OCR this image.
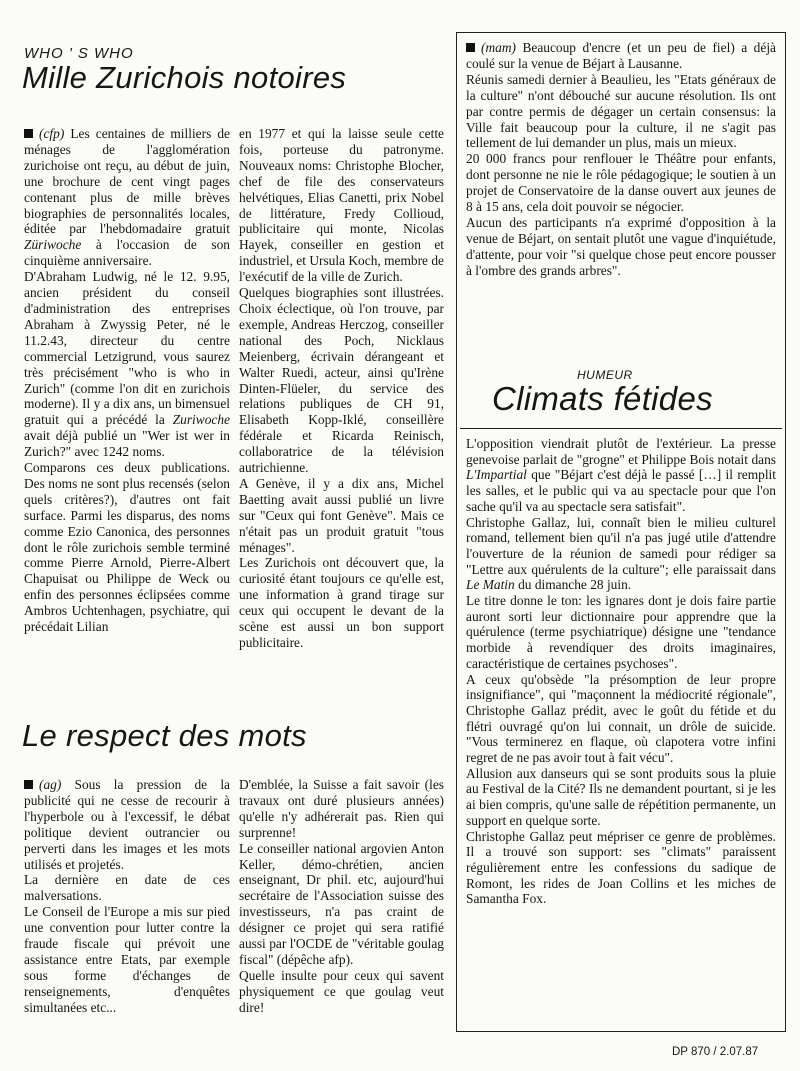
WHO ' S WHO
Mille Zurichois notoires

(cfp) Les centaines de milliers de ménages de l'agglomération zurichoise ont reçu, au début de juin, une brochure de cent vingt pages contenant plus de mille brèves biographies de personnalités locales, éditée par l'hebdomadaire gratuit Züriwoche à l'occasion de son cinquième anniversaire.

D'Abraham Ludwig, né le 12. 9.95, ancien président du conseil d'administration des entreprises Abraham à Zwyssig Peter, né le 11.2.43, directeur du centre commercial Letzigrund, vous saurez très précisément "who is who in Zurich" (comme l'on dit en zurichois moderne). Il y a dix ans, un bimensuel gratuit qui a précédé la Zuriwoche avait déjà publié un "Wer ist wer in Zurich?" avec 1242 noms.

Comparons ces deux publications. Des noms ne sont plus recensés (selon quels critères?), d'autres ont fait surface. Parmi les disparus, des noms comme Ezio Canonica, des personnes dont le rôle zurichois semble terminé comme Pierre Arnold, Pierre-Albert Chapuisat ou Philippe de Weck ou enfin des personnes éclipsées comme Ambros Uchtenhagen, psychiatre, qui précédait Lilian

en 1977 et qui la laisse seule cette fois, porteuse du patronyme. Nouveaux noms: Christophe Blocher, chef de file des conservateurs helvétiques, Elias Canetti, prix Nobel de littérature, Fredy Collioud, publicitaire qui monte, Nicolas Hayek, conseiller en gestion et industriel, et Ursula Koch, membre de l'exécutif de la ville de Zurich.

Quelques biographies sont illustrées. Choix éclectique, où l'on trouve, par exemple, Andreas Herczog, conseiller national des Poch, Nicklaus Meienberg, écrivain dérangeant et Walter Ruedi, acteur, ainsi qu'Irène Dinten-Flüeler, du service des relations publiques de CH 91, Elisabeth Kopp-Iklé, conseillère fédérale et Ricarda Reinisch, collaboratrice de la télévision autrichienne.

A Genève, il y a dix ans, Michel Baetting avait aussi publié un livre sur "Ceux qui font Genève". Mais ce n'était pas un produit gratuit "tous ménages".

Les Zurichois ont découvert que, la curiosité étant toujours ce qu'elle est, une information à grand tirage sur ceux qui occupent le devant de la scène est aussi un bon support publicitaire.

Le respect des mots

(ag) Sous la pression de la publicité qui ne cesse de recourir à l'hyperbole ou à l'excessif, le débat politique devient outrancier ou perverti dans les images et les mots utilisés et projetés.

La dernière en date de ces malversations.

Le Conseil de l'Europe a mis sur pied une convention pour lutter contre la fraude fiscale qui prévoit une assistance entre Etats, par exemple sous forme d'échanges de renseignements, d'enquêtes simultanées etc...

D'emblée, la Suisse a fait savoir (les travaux ont duré plusieurs années) qu'elle n'y adhérerait pas. Rien qui surprenne!

Le conseiller national argovien Anton Keller, démo-chrétien, ancien enseignant, Dr phil. etc, aujourd'hui secrétaire de l'Association suisse des investisseurs, n'a pas craint de désigner ce projet qui sera ratifié aussi par l'OCDE de "véritable goulag fiscal" (dépêche afp).

Quelle insulte pour ceux qui savent physiquement ce que goulag veut dire!

(mam) Beaucoup d'encre (et un peu de fiel) a déjà coulé sur la venue de Béjart à Lausanne.

Réunis samedi dernier à Beaulieu, les "Etats généraux de la culture" n'ont débouché sur aucune résolution. Ils ont par contre permis de dégager un certain consensus: la Ville fait beaucoup pour la culture, il ne s'agit pas tellement de lui demander un plus, mais un mieux.

20 000 francs pour renflouer le Théâtre pour enfants, dont personne ne nie le rôle pédagogique; le soutien à un projet de Conservatoire de la danse ouvert aux jeunes de 8 à 15 ans, cela doit pouvoir se négocier.

Aucun des participants n'a exprimé d'opposition à la venue de Béjart, on sentait plutôt une vague d'inquiétude, d'attente, pour voir "si quelque chose peut encore pousser à l'ombre des grands arbres".

HUMEUR
Climats fétides

L'opposition viendrait plutôt de l'extérieur. La presse genevoise parlait de "grogne" et Philippe Bois notait dans L'Impartial que "Béjart c'est déjà le passé […] il remplit les salles, et le public qui va au spectacle pour que l'on sache qu'il va au spectacle sera satisfait".

Christophe Gallaz, lui, connaît bien le milieu culturel romand, tellement bien qu'il n'a pas jugé utile d'attendre l'ouverture de la réunion de samedi pour rédiger sa "Lettre aux quérulents de la culture"; elle paraissait dans Le Matin du dimanche 28 juin.

Le titre donne le ton: les ignares dont je dois faire partie auront sorti leur dictionnaire pour apprendre que la quérulence (terme psychiatrique) désigne une "tendance morbide à revendiquer des droits imaginaires, caractéristique de certaines psychoses".

A ceux qu'obsède "la présomption de leur propre insignifiance", qui "maçonnent la médiocrité régionale", Christophe Gallaz prédit, avec le goût du fétide et du flétri ouvragé qu'on lui connait, un drôle de suicide. "Vous terminerez en flaque, où clapotera votre infini regret de ne pas avoir tout à fait vécu".

Allusion aux danseurs qui se sont produits sous la pluie au Festival de la Cité? Ils ne demandent pourtant, si je les ai bien compris, qu'une salle de répétition permanente, un support en quelque sorte.

Christophe Gallaz peut mépriser ce genre de problèmes. Il a trouvé son support: ses "climats" paraissent régulièrement entre les confessions du sadique de Romont, les rides de Joan Collins et les miches de Samantha Fox.

DP 870 / 2.07.87
